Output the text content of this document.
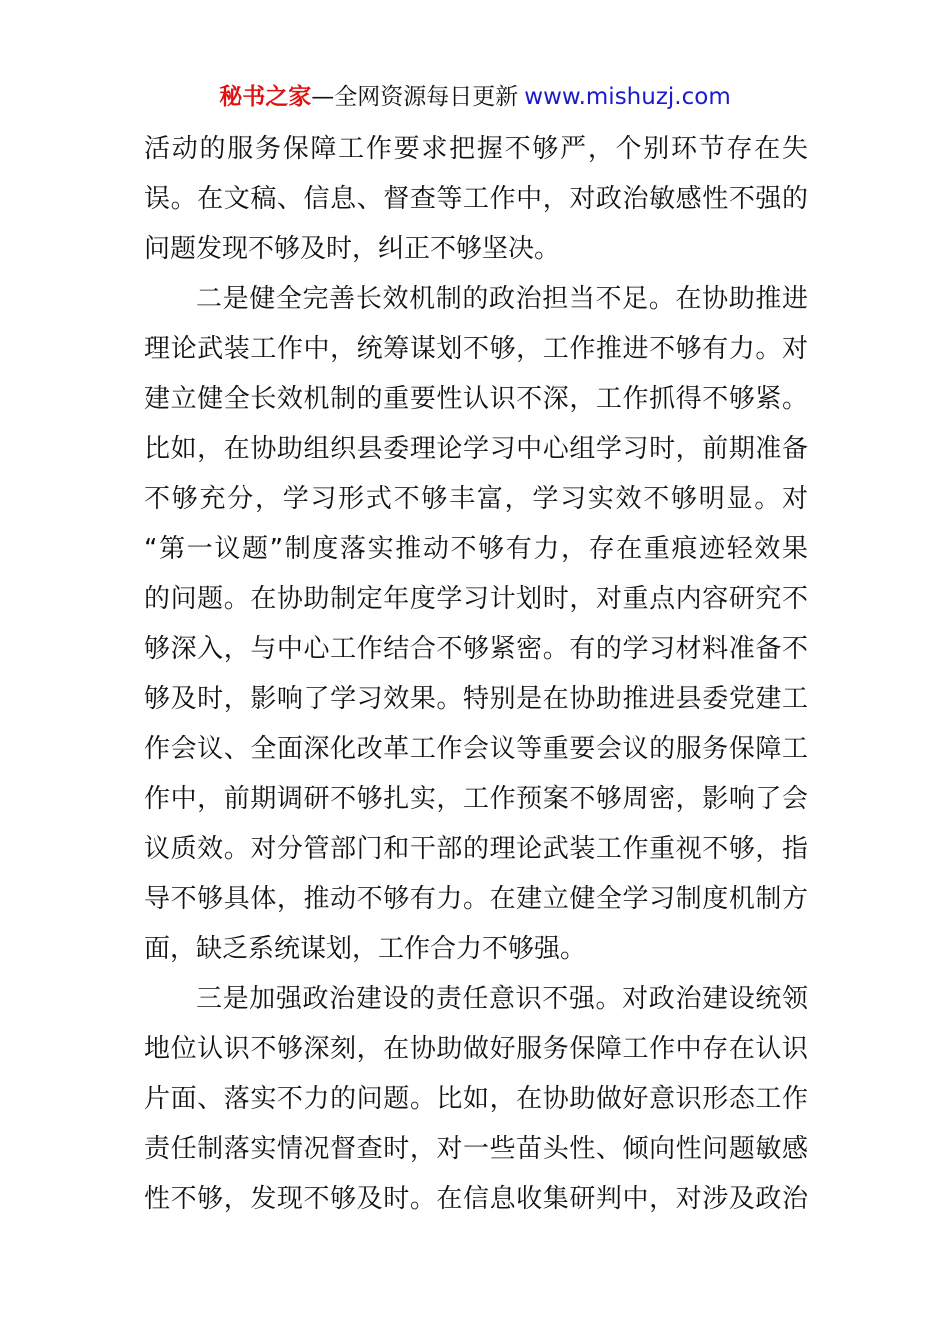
秘书之家—全网资源每日更新 www.mishuzj.com
活动的服务保障工作要求把握不够严，个别环节存在失
误。在文稿、信息、督查等工作中，对政治敏感性不强的
问题发现不够及时，纠正不够坚决。
二是健全完善长效机制的政治担当不足。在协助推进
理论武装工作中，统筹谋划不够，工作推进不够有力。对
建立健全长效机制的重要性认识不深，工作抓得不够紧。
比如，在协助组织县委理论学习中心组学习时，前期准备
不够充分，学习形式不够丰富，学习实效不够明显。对
“第一议题”制度落实推动不够有力，存在重痕迹轻效果
的问题。在协助制定年度学习计划时，对重点内容研究不
够深入，与中心工作结合不够紧密。有的学习材料准备不
够及时，影响了学习效果。特别是在协助推进县委党建工
作会议、全面深化改革工作会议等重要会议的服务保障工
作中，前期调研不够扎实，工作预案不够周密，影响了会
议质效。对分管部门和干部的理论武装工作重视不够，指
导不够具体，推动不够有力。在建立健全学习制度机制方
面，缺乏系统谋划，工作合力不够强。
三是加强政治建设的责任意识不强。对政治建设统领
地位认识不够深刻，在协助做好服务保障工作中存在认识
片面、落实不力的问题。比如，在协助做好意识形态工作
责任制落实情况督查时，对一些苗头性、倾向性问题敏感
性不够，发现不够及时。在信息收集研判中，对涉及政治
